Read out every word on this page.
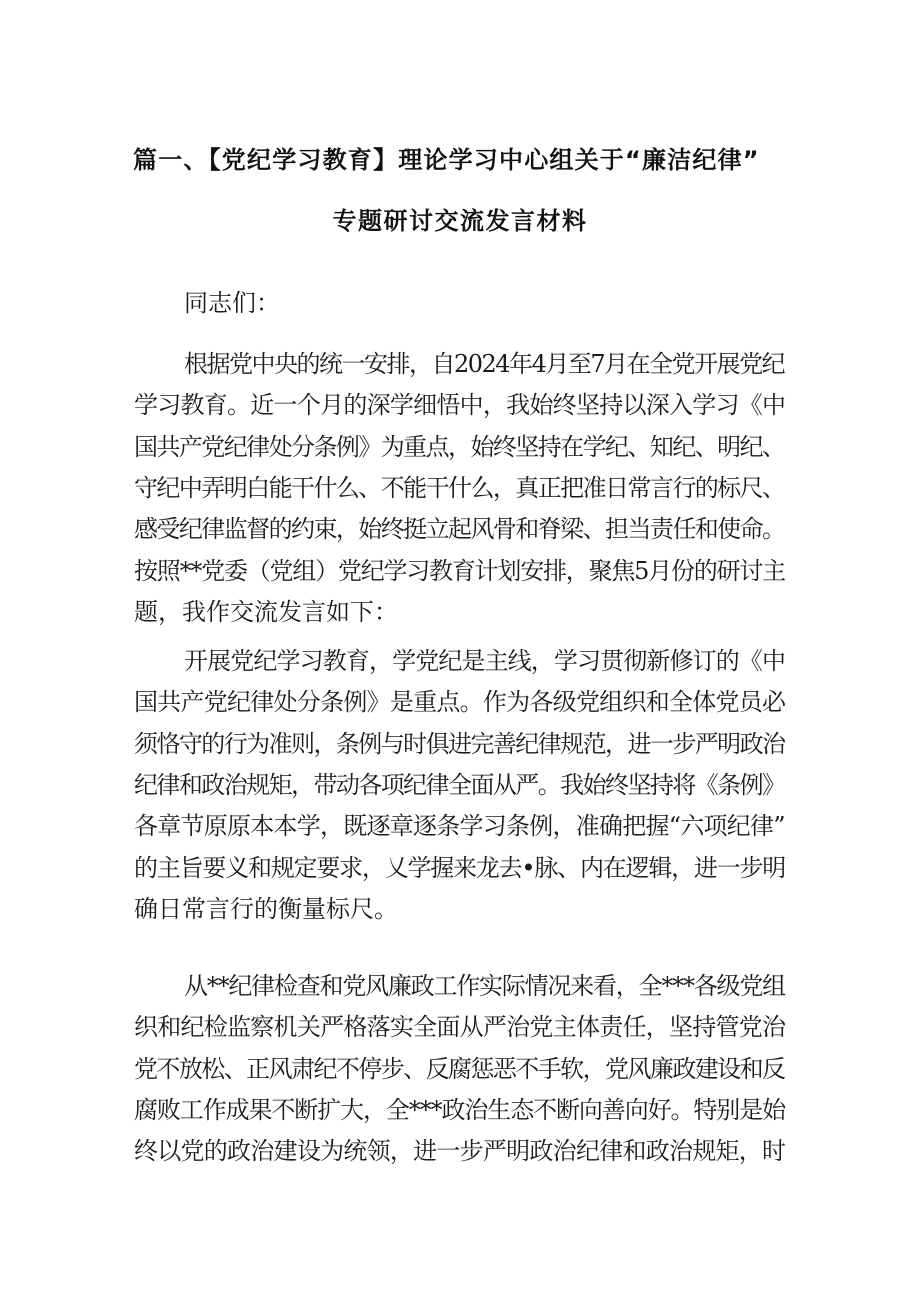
篇一、【党纪学习教育】理论学习中心组关于“廉洁纪律”
专题研讨交流发言材料
同志们：
根据党中央的统一安排，自2024年4月至7月在全党开展党纪
学习教育。近一个月的深学细悟中，我始终坚持以深入学习《中
国共产党纪律处分条例》为重点，始终坚持在学纪、知纪、明纪、
守纪中弄明白能干什么、不能干什么，真正把准日常言行的标尺、
感受纪律监督的约束，始终挺立起风骨和脊梁、担当责任和使命。
按照**党委（党组）党纪学习教育计划安排，聚焦5月份的研讨主
题，我作交流发言如下：
开展党纪学习教育，学党纪是主线，学习贯彻新修订的《中
国共产党纪律处分条例》是重点。作为各级党组织和全体党员必
须恪守的行为准则，条例与时俱进完善纪律规范，进一步严明政治
纪律和政治规矩，带动各项纪律全面从严。我始终坚持将《条例》
各章节原原本本学，既逐章逐条学习条例，准确把握“六项纪律”
的主旨要义和规定要求，乂学握来龙去•脉、内在逻辑，进一步明
确日常言行的衡量标尺。
从**纪律检查和党风廉政工作实际情况来看，全***各级党组
织和纪检监察机关严格落实全面从严治党主体责任，坚持管党治
党不放松、正风肃纪不停步、反腐惩恶不手软，党风廉政建设和反
腐败工作成果不断扩大，全***政治生态不断向善向好。特别是始
终以党的政治建设为统领，进一步严明政治纪律和政治规矩，时
